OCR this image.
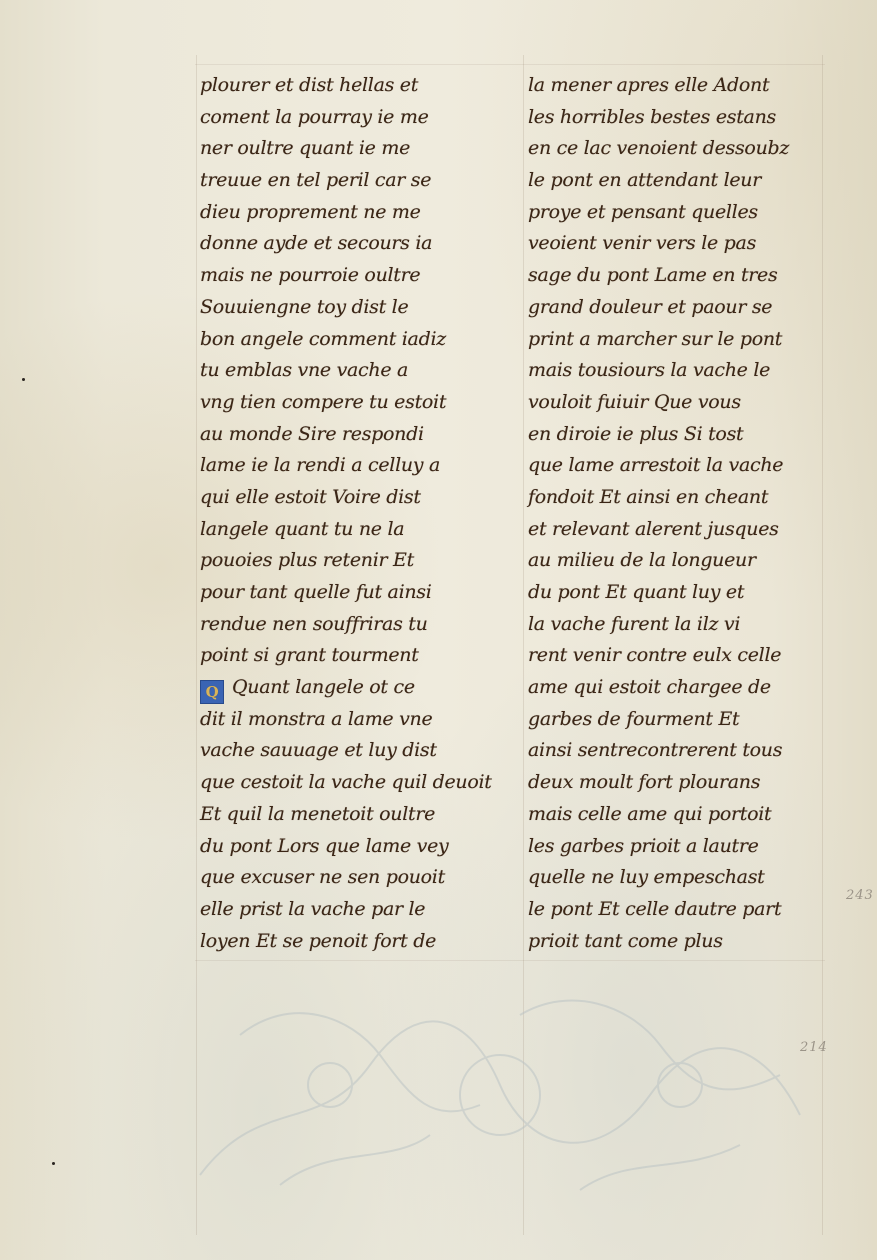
plourer et dist hellas et
coment la pourray ie me
ner oultre quant ie me
treuue en tel peril car se
dieu proprement ne me
donne ayde et secours ia
mais ne pourroie oultre
Souuiengne toy dist le
bon angele comment iadiz
tu emblas vne vache a
vng tien compere tu estoit
au monde Sire respondi
lame ie la rendi a celluy a
qui elle estoit Voire dist
langele quant tu ne la
pouoies plus retenir Et
pour tant quelle fut ainsi
rendue nen souffriras tu
point si grant tourment
Q Quant langele ot ce
dit il monstra a lame vne
vache sauuage et luy dist
que cestoit la vache quil deuoit
Et quil la menetoit oultre
du pont Lors que lame vey
que excuser ne sen pouoit
elle prist la vache par le
loyen Et se penoit fort de
la mener apres elle Adont
les horribles bestes estans
en ce lac venoient dessoubz
le pont en attendant leur
proye et pensant quelles
veoient venir vers le pas
sage du pont Lame en tres
grand douleur et paour se
print a marcher sur le pont
mais tousiours la vache le
vouloit fuiuir Que vous
en diroie ie plus Si tost
que lame arrestoit la vache
fondoit Et ainsi en cheant
et relevant alerent jusques
au milieu de la longueur
du pont Et quant luy et
la vache furent la ilz vi
rent venir contre eulx celle
ame qui estoit chargee de
garbes de fourment Et
ainsi sentrecontrerent tous
deux moult fort plourans
mais celle ame qui portoit
les garbes prioit a lautre
quelle ne luy empeschast
le pont Et celle dautre part
prioit tant come plus
243
214
